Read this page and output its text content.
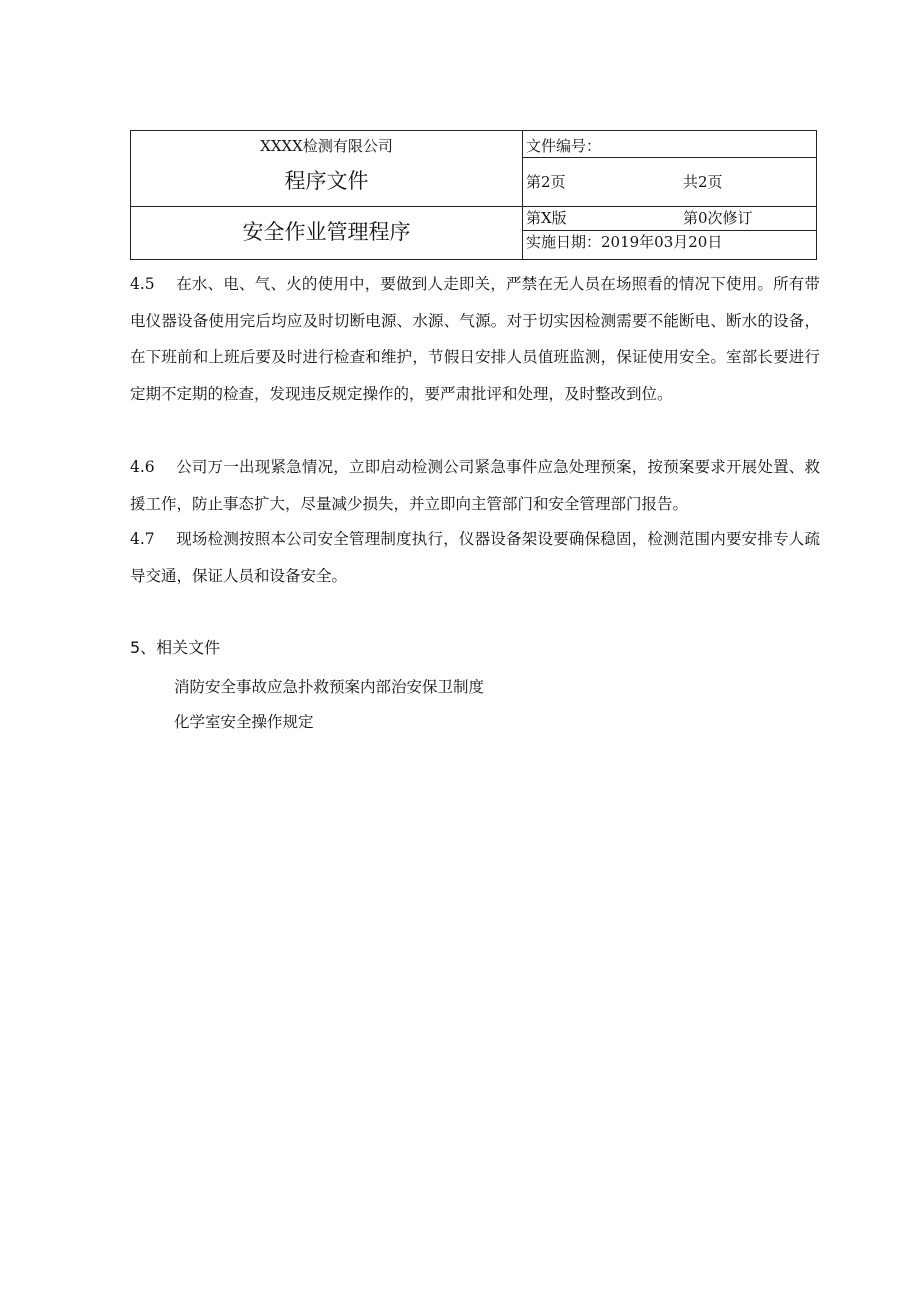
XXXX检测有限公司
程序文件
安全作业管理程序
文件编号：
第2页	共2页
第X版	第0次修订
实施日期：2019年03月20日
4.5 在水、电、气、火的使用中，要做到人走即关，严禁在无人员在场照看的情况下使用。所有带电仪器设备使用完后均应及时切断电源、水源、气源。对于切实因检测需要不能断电、断水的设备，在下班前和上班后要及时进行检查和维护，节假日安排人员值班监测，保证使用安全。室部长要进行定期不定期的检查，发现违反规定操作的，要严肃批评和处理，及时整改到位。
4.6 公司万一出现紧急情况，立即启动检测公司紧急事件应急处理预案，按预案要求开展处置、救援工作，防止事态扩大，尽量减少损失，并立即向主管部门和安全管理部门报告。
4.7 现场检测按照本公司安全管理制度执行，仪器设备架设要确保稳固，检测范围内要安排专人疏导交通，保证人员和设备安全。
5、相关文件
消防安全事故应急扑救预案内部治安保卫制度
化学室安全操作规定
